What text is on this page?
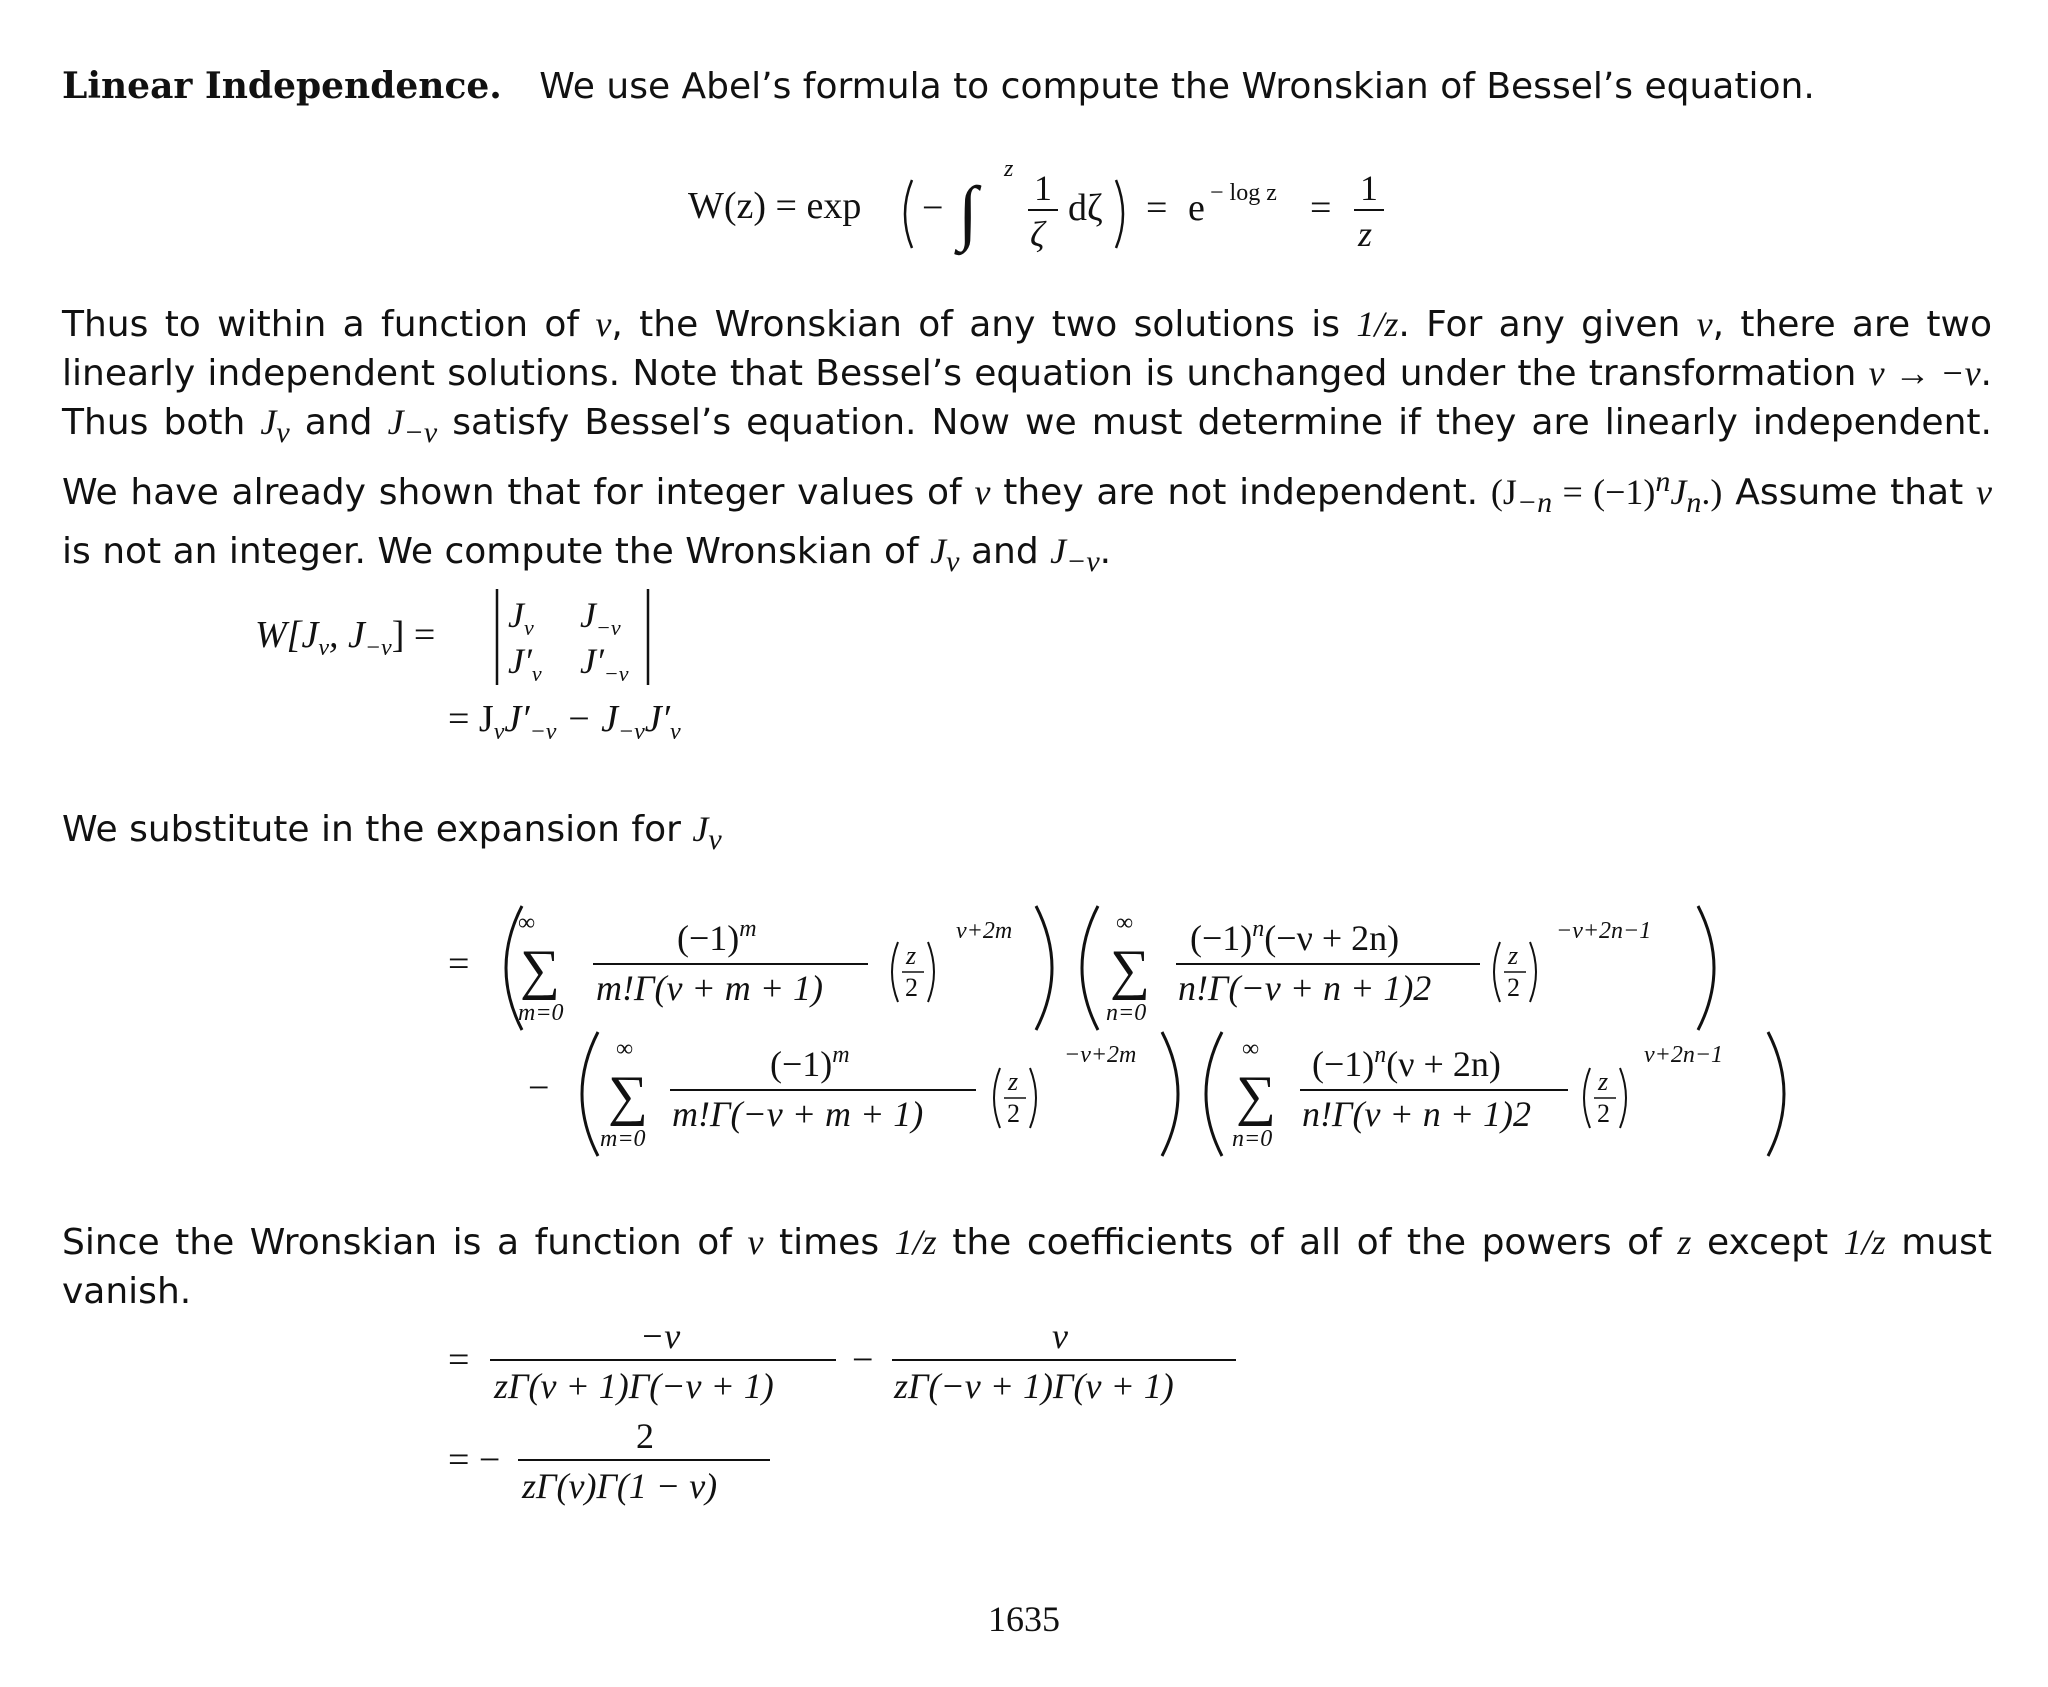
Linear Independence. We use Abel’s formula to compute the Wronskian of Bessel’s equation.
W(z) = exp − ∫
z 1
ζ
dζ = e − log z = 1
z
Thus to within a function of ν, the Wronskian of any two solutions is 1/z. For any given ν, there are two linearly independent solutions. Note that Bessel’s equation is unchanged under the transformation ν → −ν. Thus both $J_\nu$ and $J_{-\nu}$ satisfy Bessel’s equation. Now we must determine if they are linearly independent. We have already shown that for integer values of ν they are not independent. $(J_{-n} = (-1)^nJ_n.)$ Assume that ν is not an integer. We compute the Wronskian of $J_\nu$ and $J_{-\nu}$.
$W[J_\nu$, $J_{-\nu}] = J_\nu$ $J_{-\nu}$
$J'_\nu$ $J'_{-\nu}$
= $J_\nu J'_{-\nu} - J_{-\nu}J'_\nu$
We substitute in the expansion for $J_\nu$
=
∞
∑
m=0
$(-1)^m$
m!Γ(ν + m + 1)
z
2
ν+2m	∞
∑
n=0
$(-1)^n(-\nu + 2n)$
n!Γ(−ν + n + 1)2
z
2
−ν+2n−1
−
∞
∑
m=0
$(-1)^m$
m!Γ(−ν + m + 1)
z
2
−ν+2m	∞
∑
n=0
$(-1)^n(\nu + 2n)$
n!Γ(ν + n + 1)2
z
2
ν+2n−1
Since the Wronskian is a function of ν times 1/z the coefficients of all of the powers of z except 1/z must vanish.
=
−ν
zΓ(ν + 1)Γ(−ν + 1)
−
ν
zΓ(−ν + 1)Γ(ν + 1)
= −
2
zΓ(ν)Γ(1 − ν)
1635
